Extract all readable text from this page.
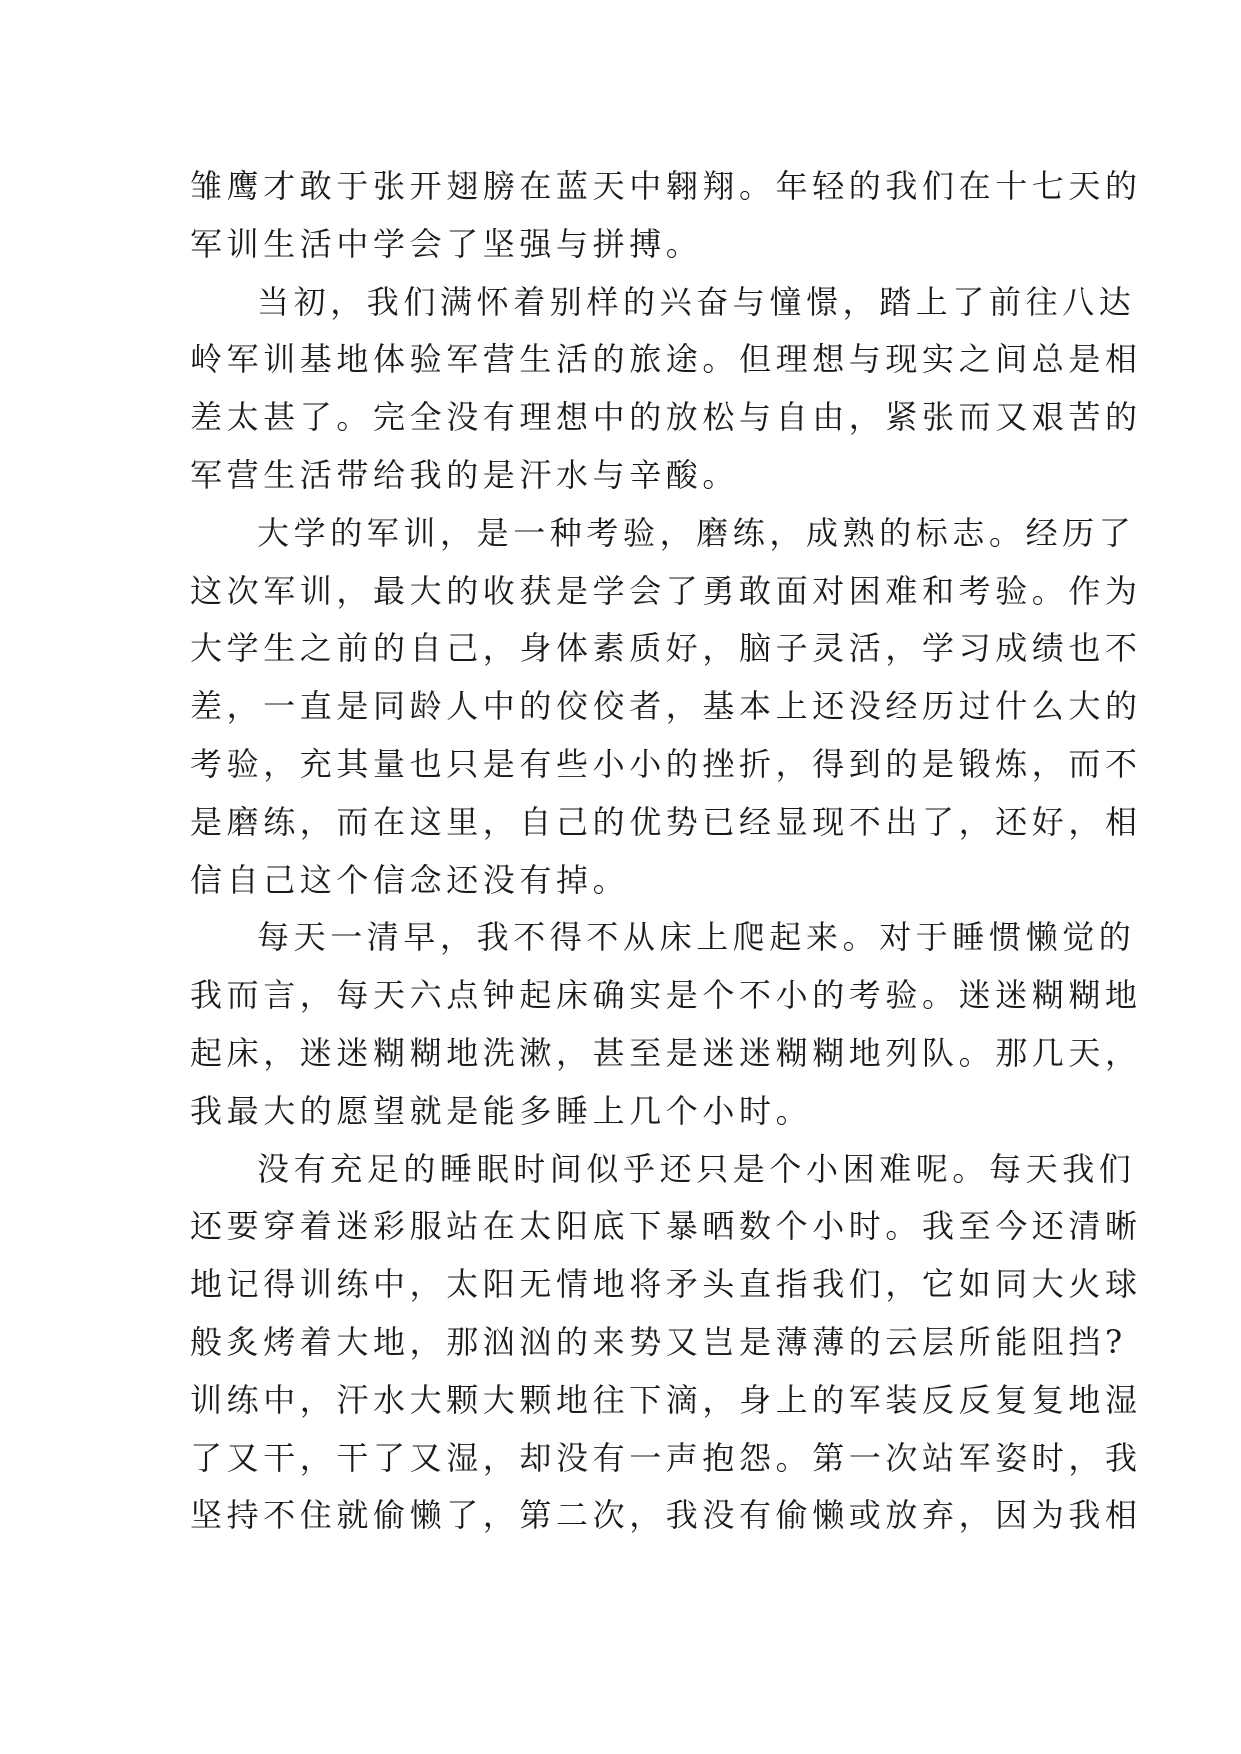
雏鹰才敢于张开翅膀在蓝天中翱翔。年轻的我们在十七天的
军训生活中学会了坚强与拼搏。
当初，我们满怀着别样的兴奋与憧憬，踏上了前往八达
岭军训基地体验军营生活的旅途。但理想与现实之间总是相
差太甚了。完全没有理想中的放松与自由，紧张而又艰苦的
军营生活带给我的是汗水与辛酸。
大学的军训，是一种考验，磨练，成熟的标志。经历了
这次军训，最大的收获是学会了勇敢面对困难和考验。作为
大学生之前的自己，身体素质好，脑子灵活，学习成绩也不
差，一直是同龄人中的佼佼者，基本上还没经历过什么大的
考验，充其量也只是有些小小的挫折，得到的是锻炼，而不
是磨练，而在这里，自己的优势已经显现不出了，还好，相
信自己这个信念还没有掉。
每天一清早，我不得不从床上爬起来。对于睡惯懒觉的
我而言，每天六点钟起床确实是个不小的考验。迷迷糊糊地
起床，迷迷糊糊地洗漱，甚至是迷迷糊糊地列队。那几天，
我最大的愿望就是能多睡上几个小时。
没有充足的睡眠时间似乎还只是个小困难呢。每天我们
还要穿着迷彩服站在太阳底下暴晒数个小时。我至今还清晰
地记得训练中，太阳无情地将矛头直指我们，它如同大火球
般炙烤着大地，那汹汹的来势又岂是薄薄的云层所能阻挡?
训练中，汗水大颗大颗地往下滴，身上的军装反反复复地湿
了又干，干了又湿，却没有一声抱怨。第一次站军姿时，我
坚持不住就偷懒了，第二次，我没有偷懒或放弃，因为我相
